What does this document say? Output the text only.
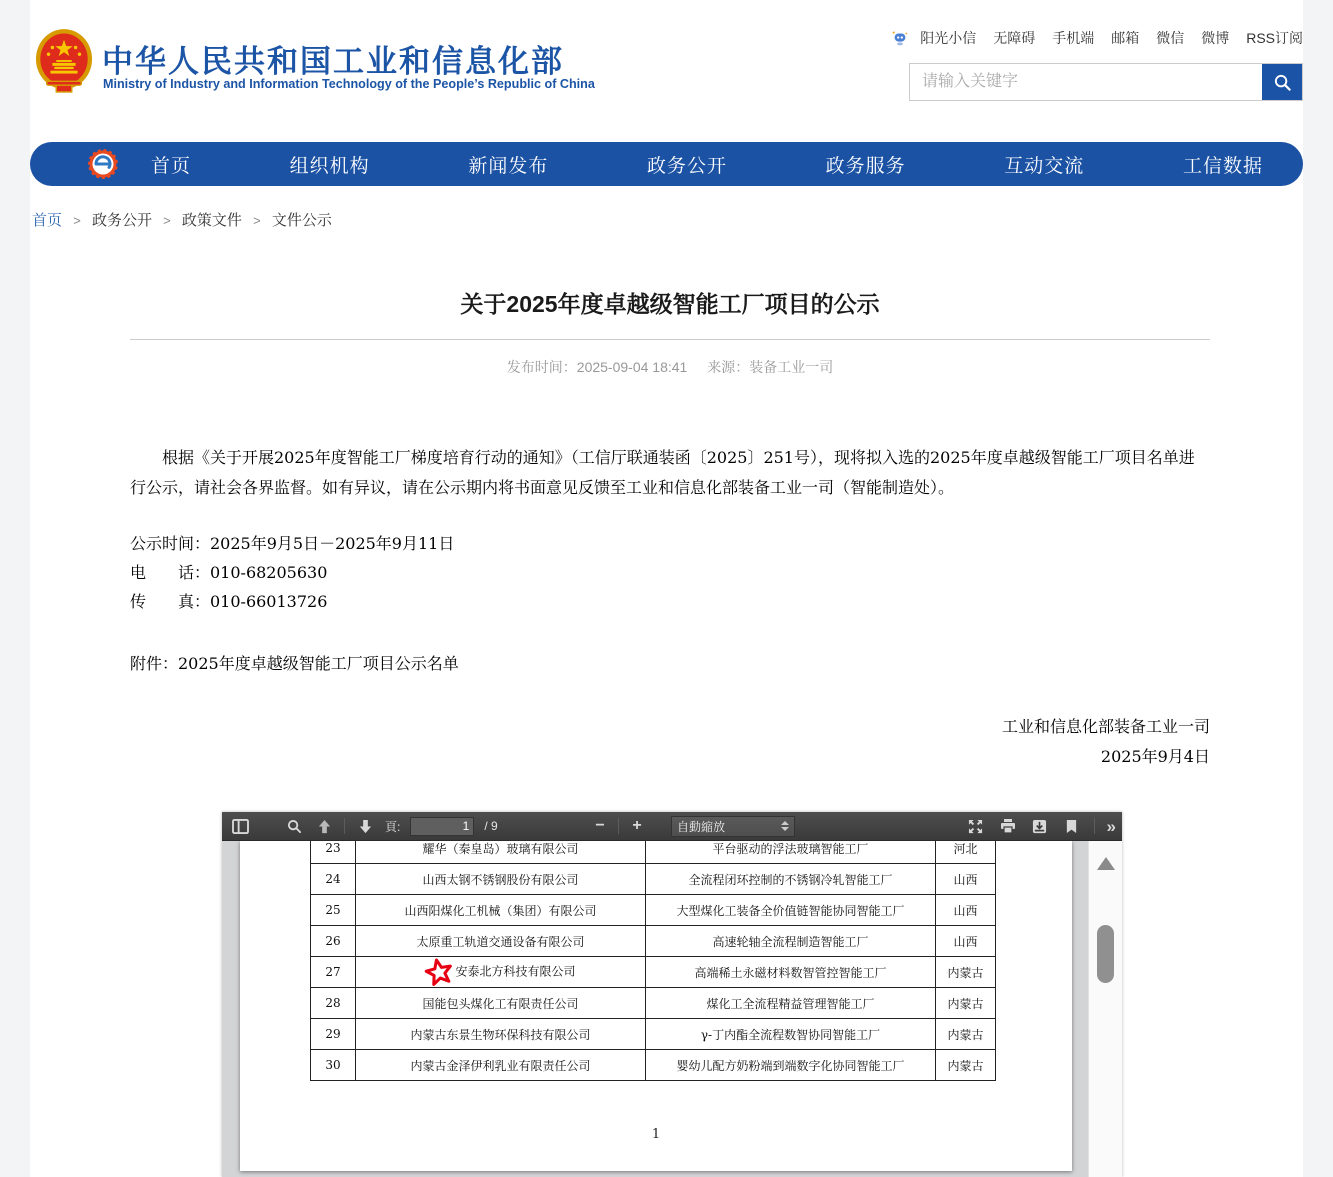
中华人民共和国工业和信息化部
Ministry of Industry and Information Technology of the People’s Republic of China
阳光小信 无障碍 手机端 邮箱 微信 微博 RSS订阅
请输入关键字
首页	组织机构	新闻发布	政务公开	政务服务	互动交流	工信数据
首页 > 政务公开 > 政策文件 > 文件公示
关于2025年度卓越级智能工厂项目的公示
发布时间：2025-09-04 18:41 来源：装备工业一司

根据《关于开展2025年度智能工厂梯度培育行动的通知》（工信厅联通装函〔2025〕251号），现将拟入选的2025年度卓越级智能工厂项目名单进行公示，请社会各界监督。如有异议，请在公示期内将书面意见反馈至工业和信息化部装备工业一司（智能制造处）。

公示时间：2025年9月5日－2025年9月11日
电　　话：010-68205630
传　　真：010-66013726
附件：2025年度卓越级智能工厂项目公示名单
工业和信息化部装备工业一司
2025年9月4日
頁:
1	/ 9	−	+	自動縮放	»
23	耀华（秦皇岛）玻璃有限公司	平台驱动的浮法玻璃智能工厂	河北
24	山西太钢不锈钢股份有限公司	全流程闭环控制的不锈钢冷轧智能工厂	山西
25	山西阳煤化工机械（集团）有限公司	大型煤化工装备全价值链智能协同智能工厂	山西
26	太原重工轨道交通设备有限公司	高速轮轴全流程制造智能工厂	山西
27	安泰北方科技有限公司	高端稀土永磁材料数智管控智能工厂	内蒙古
28	国能包头煤化工有限责任公司	煤化工全流程精益管理智能工厂	内蒙古
29	内蒙古东景生物环保科技有限公司	γ-丁内酯全流程数智协同智能工厂	内蒙古
30	内蒙古金泽伊利乳业有限责任公司	婴幼儿配方奶粉端到端数字化协同智能工厂	内蒙古
1
